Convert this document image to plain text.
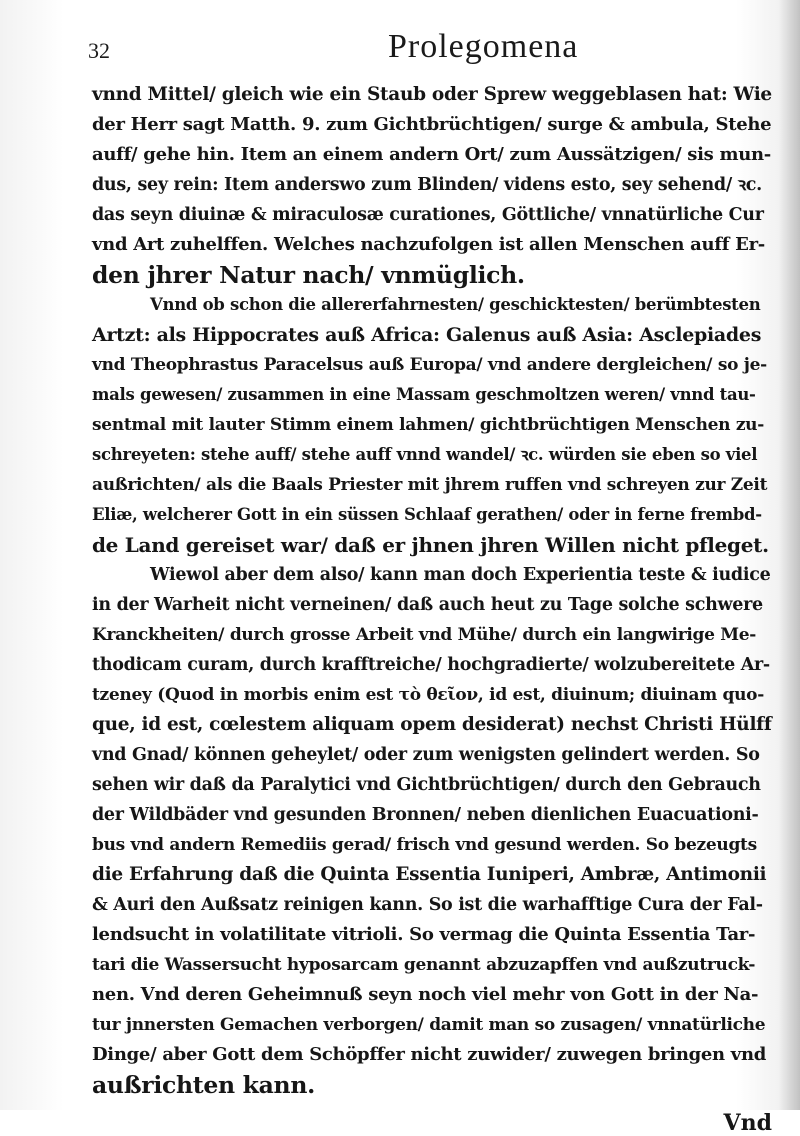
32	Prolegomena
vnnd Mittel/ gleich wie ein Staub oder Sprew weggeblasen hat: Wie
der Herr sagt Matth. 9. zum Gichtbrüchtigen/ surge & ambula, Stehe
auff/ gehe hin. Item an einem andern Ort/ zum Aussätzigen/ sis mun-
dus, sey rein: Item anderswo zum Blinden/ videns esto, sey sehend/ ꝛc.
das seyn diuinæ & miraculosæ curationes, Göttliche/ vnnatürliche Cur
vnd Art zuhelffen. Welches nachzufolgen ist allen Menschen auff Er-
den jhrer Natur nach/ vnmüglich.
Vnnd ob schon die allererfahrnesten/ geschicktesten/ berümbtesten
Artzt: als Hippocrates auß Africa: Galenus auß Asia: Asclepiades
vnd Theophrastus Paracelsus auß Europa/ vnd andere dergleichen/ so je-
mals gewesen/ zusammen in eine Massam geschmoltzen weren/ vnnd tau-
sentmal mit lauter Stimm einem lahmen/ gichtbrüchtigen Menschen zu-
schreyeten: stehe auff/ stehe auff vnnd wandel/ ꝛc. würden sie eben so viel
außrichten/ als die Baals Priester mit jhrem ruffen vnd schreyen zur Zeit
Eliæ, welcherer Gott in ein süssen Schlaaf gerathen/ oder in ferne frembd-
de Land gereiset war/ daß er jhnen jhren Willen nicht pfleget.
Wiewol aber dem also/ kann man doch Experientia teste & iudice
in der Warheit nicht verneinen/ daß auch heut zu Tage solche schwere
Kranckheiten/ durch grosse Arbeit vnd Mühe/ durch ein langwirige Me-
thodicam curam, durch krafftreiche/ hochgradierte/ wolzubereitete Ar-
tzeney (Quod in morbis enim est τὸ θεῖον, id est, diuinum; diuinam quo-
que, id est, cœlestem aliquam opem desiderat) nechst Christi Hülff
vnd Gnad/ können geheylet/ oder zum wenigsten gelindert werden. So
sehen wir daß da Paralytici vnd Gichtbrüchtigen/ durch den Gebrauch
der Wildbäder vnd gesunden Bronnen/ neben dienlichen Euacuationi-
bus vnd andern Remediis gerad/ frisch vnd gesund werden. So bezeugts
die Erfahrung daß die Quinta Essentia Iuniperi, Ambræ, Antimonii
& Auri den Außsatz reinigen kann. So ist die warhafftige Cura der Fal-
lendsucht in volatilitate vitrioli. So vermag die Quinta Essentia Tar-
tari die Wassersucht hyposarcam genannt abzuzapffen vnd außzutruck-
nen. Vnd deren Geheimnuß seyn noch viel mehr von Gott in der Na-
tur jnnersten Gemachen verborgen/ damit man so zusagen/ vnnatürliche
Dinge/ aber Gott dem Schöpffer nicht zuwider/ zuwegen bringen vnd
außrichten kann.
Vnd
